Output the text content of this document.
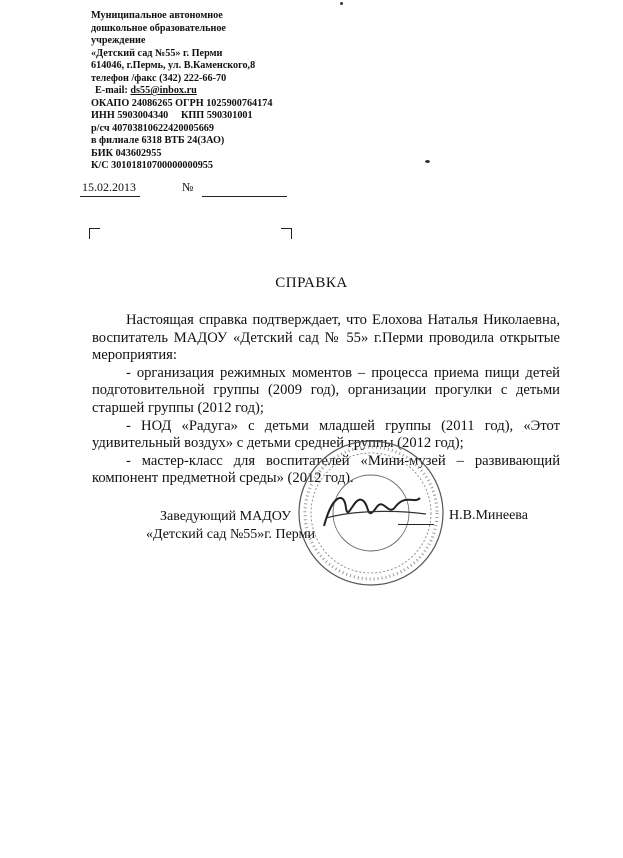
Муниципальное автономное
дошкольное образовательное
учреждение
«Детский сад №55» г. Перми
614046, г.Пермь, ул. В.Каменского,8
телефон /факс (342) 222-66-70
E-mail: ds55@inbox.ru
ОКАПО 24086265 ОГРН 1025900764174
ИНН 5903004340     КПП 590301001
р/сч 40703810622420005669
в филиале 6318 ВТБ 24(ЗАО)
БИК 043602955
К/С 30101810700000000955
15.02.2013	№
СПРАВКА

Настоящая справка подтверждает, что Елохова Наталья Николаевна, воспитатель МАДОУ «Детский сад № 55» г.Перми проводила открытые мероприятия:

- организация режимных моментов – процесса приема пищи детей подготовительной группы (2009 год), организации прогулки с детьми старшей группы (2012 год);

- НОД «Радуга» с детьми младшей группы (2011 год), «Этот удивительный воздух» с детьми средней группы (2012 год);

- мастер-класс для воспитателей «Мини-музей – развивающий компонент предметной среды» (2012 год).

Заведующий МАДОУ
«Детский сад №55»г. Перми
Н.В.Минеева
